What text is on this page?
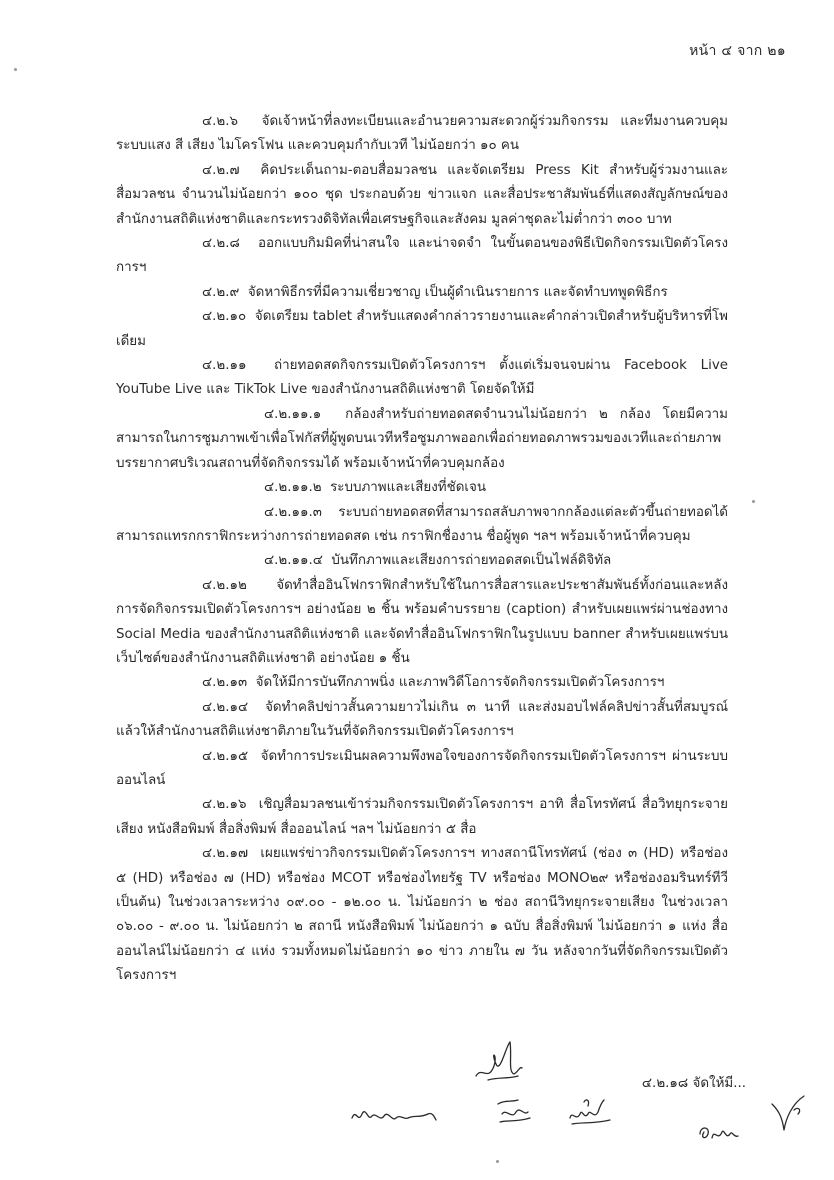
หน้า ๔ จาก ๒๑

๔.๒.๖ จัดเจ้าหน้าที่ลงทะเบียนและอำนวยความสะดวกผู้ร่วมกิจกรรม และทีมงานควบคุมระบบแสง สี เสียง ไมโครโฟน และควบคุมกำกับเวที ไม่น้อยกว่า ๑๐ คน

๔.๒.๗ คิดประเด็นถาม-ตอบสื่อมวลชน และจัดเตรียม Press Kit สำหรับผู้ร่วมงานและสื่อมวลชน จำนวนไม่น้อยกว่า ๑๐๐ ชุด ประกอบด้วย ข่าวแจก และสื่อประชาสัมพันธ์ที่แสดงสัญลักษณ์ของสำนักงานสถิติแห่งชาติและกระทรวงดิจิทัลเพื่อเศรษฐกิจและสังคม มูลค่าชุดละไม่ต่ำกว่า ๓๐๐ บาท

๔.๒.๘ ออกแบบกิมมิคที่น่าสนใจ และน่าจดจำ ในขั้นตอนของพิธีเปิดกิจกรรมเปิดตัวโครงการฯ

๔.๒.๙ จัดหาพิธีกรที่มีความเชี่ยวชาญ เป็นผู้ดำเนินรายการ และจัดทำบทพูดพิธีกร

๔.๒.๑๐ จัดเตรียม tablet สำหรับแสดงคำกล่าวรายงานและคำกล่าวเปิดสำหรับผู้บริหารที่โพเดียม

๔.๒.๑๑ ถ่ายทอดสดกิจกรรมเปิดตัวโครงการฯ ตั้งแต่เริ่มจนจบผ่าน Facebook Live YouTube Live และ TikTok Live ของสำนักงานสถิติแห่งชาติ โดยจัดให้มี

๔.๒.๑๑.๑ กล้องสำหรับถ่ายทอดสดจำนวนไม่น้อยกว่า ๒ กล้อง โดยมีความสามารถในการซูมภาพเข้าเพื่อโฟกัสที่ผู้พูดบนเวทีหรือซูมภาพออกเพื่อถ่ายทอดภาพรวมของเวทีและถ่ายภาพบรรยากาศบริเวณสถานที่จัดกิจกรรมได้ พร้อมเจ้าหน้าที่ควบคุมกล้อง

๔.๒.๑๑.๒ ระบบภาพและเสียงที่ชัดเจน

๔.๒.๑๑.๓ ระบบถ่ายทอดสดที่สามารถสลับภาพจากกล้องแต่ละตัวขึ้นถ่ายทอดได้ สามารถแทรกกราฟิกระหว่างการถ่ายทอดสด เช่น กราฟิกชื่องาน ชื่อผู้พูด ฯลฯ พร้อมเจ้าหน้าที่ควบคุม

๔.๒.๑๑.๔ บันทึกภาพและเสียงการถ่ายทอดสดเป็นไฟล์ดิจิทัล

๔.๒.๑๒ จัดทำสื่ออินโฟกราฟิกสำหรับใช้ในการสื่อสารและประชาสัมพันธ์ทั้งก่อนและหลังการจัดกิจกรรมเปิดตัวโครงการฯ อย่างน้อย ๒ ชิ้น พร้อมคำบรรยาย (caption) สำหรับเผยแพร่ผ่านช่องทาง Social Media ของสำนักงานสถิติแห่งชาติ และจัดทำสื่ออินโฟกราฟิกในรูปแบบ banner สำหรับเผยแพร่บนเว็บไซต์ของสำนักงานสถิติแห่งชาติ อย่างน้อย ๑ ชิ้น

๔.๒.๑๓ จัดให้มีการบันทึกภาพนิ่ง และภาพวิดีโอการจัดกิจกรรมเปิดตัวโครงการฯ

๔.๒.๑๔ จัดทำคลิปข่าวสั้นความยาวไม่เกิน ๓ นาที และส่งมอบไฟล์คลิปข่าวสั้นที่สมบูรณ์แล้วให้สำนักงานสถิติแห่งชาติภายในวันที่จัดกิจกรรมเปิดตัวโครงการฯ

๔.๒.๑๕ จัดทำการประเมินผลความพึงพอใจของการจัดกิจกรรมเปิดตัวโครงการฯ ผ่านระบบออนไลน์

๔.๒.๑๖ เชิญสื่อมวลชนเข้าร่วมกิจกรรมเปิดตัวโครงการฯ อาทิ สื่อโทรทัศน์ สื่อวิทยุกระจายเสียง หนังสือพิมพ์ สื่อสิ่งพิมพ์ สื่อออนไลน์ ฯลฯ ไม่น้อยกว่า ๕ สื่อ

๔.๒.๑๗ เผยแพร่ข่าวกิจกรรมเปิดตัวโครงการฯ ทางสถานีโทรทัศน์ (ช่อง ๓ (HD) หรือช่อง ๕ (HD) หรือช่อง ๗ (HD) หรือช่อง MCOT หรือช่องไทยรัฐ TV หรือช่อง MONO๒๙ หรือช่องอมรินทร์ทีวี เป็นต้น) ในช่วงเวลาระหว่าง ๐๙.๐๐ - ๑๒.๐๐ น. ไม่น้อยกว่า ๒ ช่อง สถานีวิทยุกระจายเสียง ในช่วงเวลา ๐๖.๐๐ - ๙.๐๐ น. ไม่น้อยกว่า ๒ สถานี หนังสือพิมพ์ ไม่น้อยกว่า ๑ ฉบับ สื่อสิ่งพิมพ์ ไม่น้อยกว่า ๑ แห่ง สื่อออนไลน์ไม่น้อยกว่า ๔ แห่ง รวมทั้งหมดไม่น้อยกว่า ๑๐ ข่าว ภายใน ๗ วัน หลังจากวันที่จัดกิจกรรมเปิดตัวโครงการฯ

๔.๒.๑๘ จัดให้มี...
